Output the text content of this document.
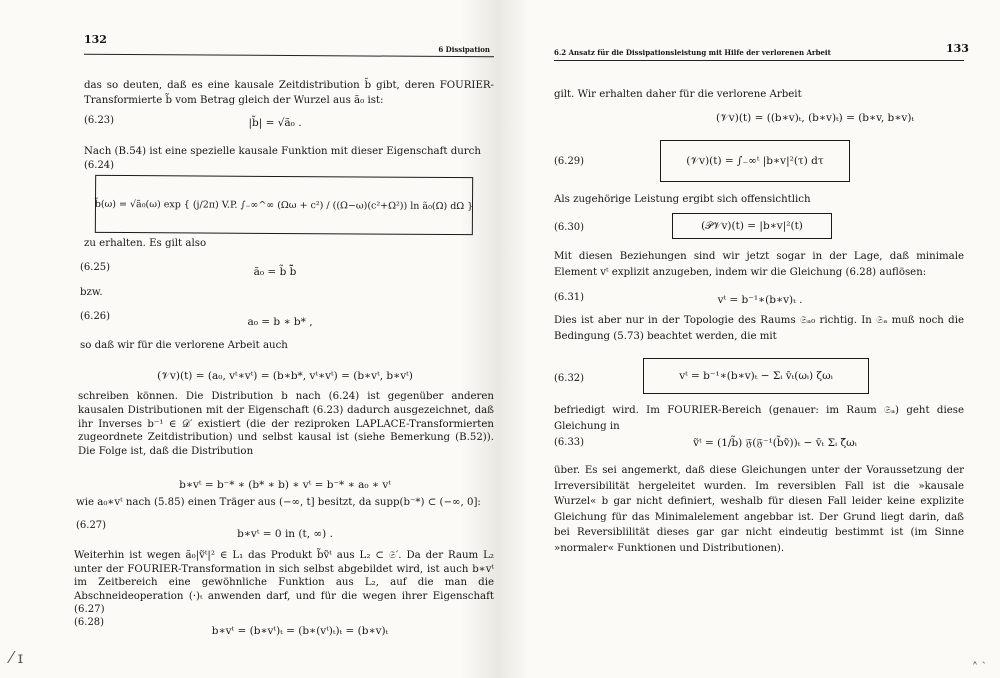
132
6 Dissipation
das so deuten, daß es eine kausale Zeitdistribution b̆ gibt, deren FOURIER-Transformierte b̃ vom Betrag gleich der Wurzel aus ã₀ ist:
(6.23)	|b̃| = √ã₀ .
Nach (B.54) ist eine spezielle kausale Funktion mit dieser Eigenschaft durch
(6.24)
b̃(ω) = √ã₀(ω) exp { (j/2π) V.P. ∫₋∞^∞ (Ωω + c²) / ((Ω−ω)(c²+Ω²)) ln ã₀(Ω) dΩ }
zu erhalten. Es gilt also
(6.25)	ã₀ = b̃ b̃̄
bzw.
(6.26)	a₀ = b ∗ b* ,
so daß wir für die verlorene Arbeit auch
(𝒱v)(t) = (a₀, vᵗ∗vᵗ) = (b∗b*, vᵗ∗vᵗ) = (b∗vᵗ, b∗vᵗ)
schreiben können. Die Distribution b nach (6.24) ist gegenüber anderen kausalen Distributionen mit der Eigenschaft (6.23) dadurch ausgezeichnet, daß ihr Inverses b⁻¹ ∈ 𝒟′ existiert (die der reziproken LAPLACE-Transformierten zugeordnete Zeitdistribution) und selbst kausal ist (siehe Bemerkung (B.52)). Die Folge ist, daß die Distribution
b∗vᵗ = b⁻* ∗ (b* ∗ b) ∗ vᵗ = b⁻* ∗ a₀ ∗ vᵗ
wie a₀∗vᵗ nach (5.85) einen Träger aus (−∞, t] besitzt, da supp(b⁻*) ⊂ (−∞, 0]:
(6.27)
b∗vᵗ = 0 in (t, ∞) .
Weiterhin ist wegen ã₀|ṽᵗ|² ∈ L₁ das Produkt b̃ṽᵗ aus L₂ ⊂ 𝔖′. Da der Raum L₂ unter der FOURIER-Transformation in sich selbst abgebildet wird, ist auch b∗vᵗ im Zeitbereich eine gewöhnliche Funktion aus L₂, auf die man die Abschneideoperation (·)ₜ anwenden darf, und für die wegen ihrer Eigenschaft (6.27)
(6.28)
b∗vᵗ = (b∗vᵗ)ₜ = (b∗(vᵗ)ₜ)ₜ = (b∗v)ₜ
⁄ ɪ
6.2 Ansatz für die Dissipationsleistung mit Hilfe der verlorenen Arbeit	133
gilt. Wir erhalten daher für die verlorene Arbeit
(𝒱v)(t) = ((b∗v)ₜ, (b∗v)ₜ) = (b∗v, b∗v)ₜ
(6.29)	(𝒱v)(t) = ∫₋∞ᵗ |b∗v|²(τ) dτ
Als zugehörige Leistung ergibt sich offensichtlich
(6.30)	(𝒫𝒱v)(t) = |b∗v|²(t)
Mit diesen Beziehungen sind wir jetzt sogar in der Lage, daß minimale Element vᵗ explizit anzugeben, indem wir die Gleichung (6.28) auflösen:
(6.31)	vᵗ = b⁻¹∗(b∗v)ₜ .
Dies ist aber nur in der Topologie des Raums 𝔖ₐ₀ richtig. In 𝔖ₐ muß noch die Bedingung (5.73) beachtet werden, die mit
(6.32)	vᵗ = b⁻¹∗(b∗v)ₜ − Σᵢ v̄ₜ(ωᵢ) ζωᵢ
befriedigt wird. Im FOURIER-Bereich (genauer: im Raum 𝔖ₐ) geht diese Gleichung in
(6.33)	ṽᵗ = (1/b̃) 𝔉(𝔉⁻¹(b̃ṽ))ₜ − v̄ₜ Σᵢ ζ̃ωᵢ
über. Es sei angemerkt, daß diese Gleichungen unter der Voraussetzung der Irreversibilität hergeleitet wurden. Im reversiblen Fall ist die »kausale Wurzel« b gar nicht definiert, weshalb für diesen Fall leider keine explizite Gleichung für das Minimalelement angebbar ist. Der Grund liegt darin, daß bei Reversiblilität dieses gar gar nicht eindeutig bestimmt ist (im Sinne »normaler« Funktionen und Distributionen).
˰ ˎ
